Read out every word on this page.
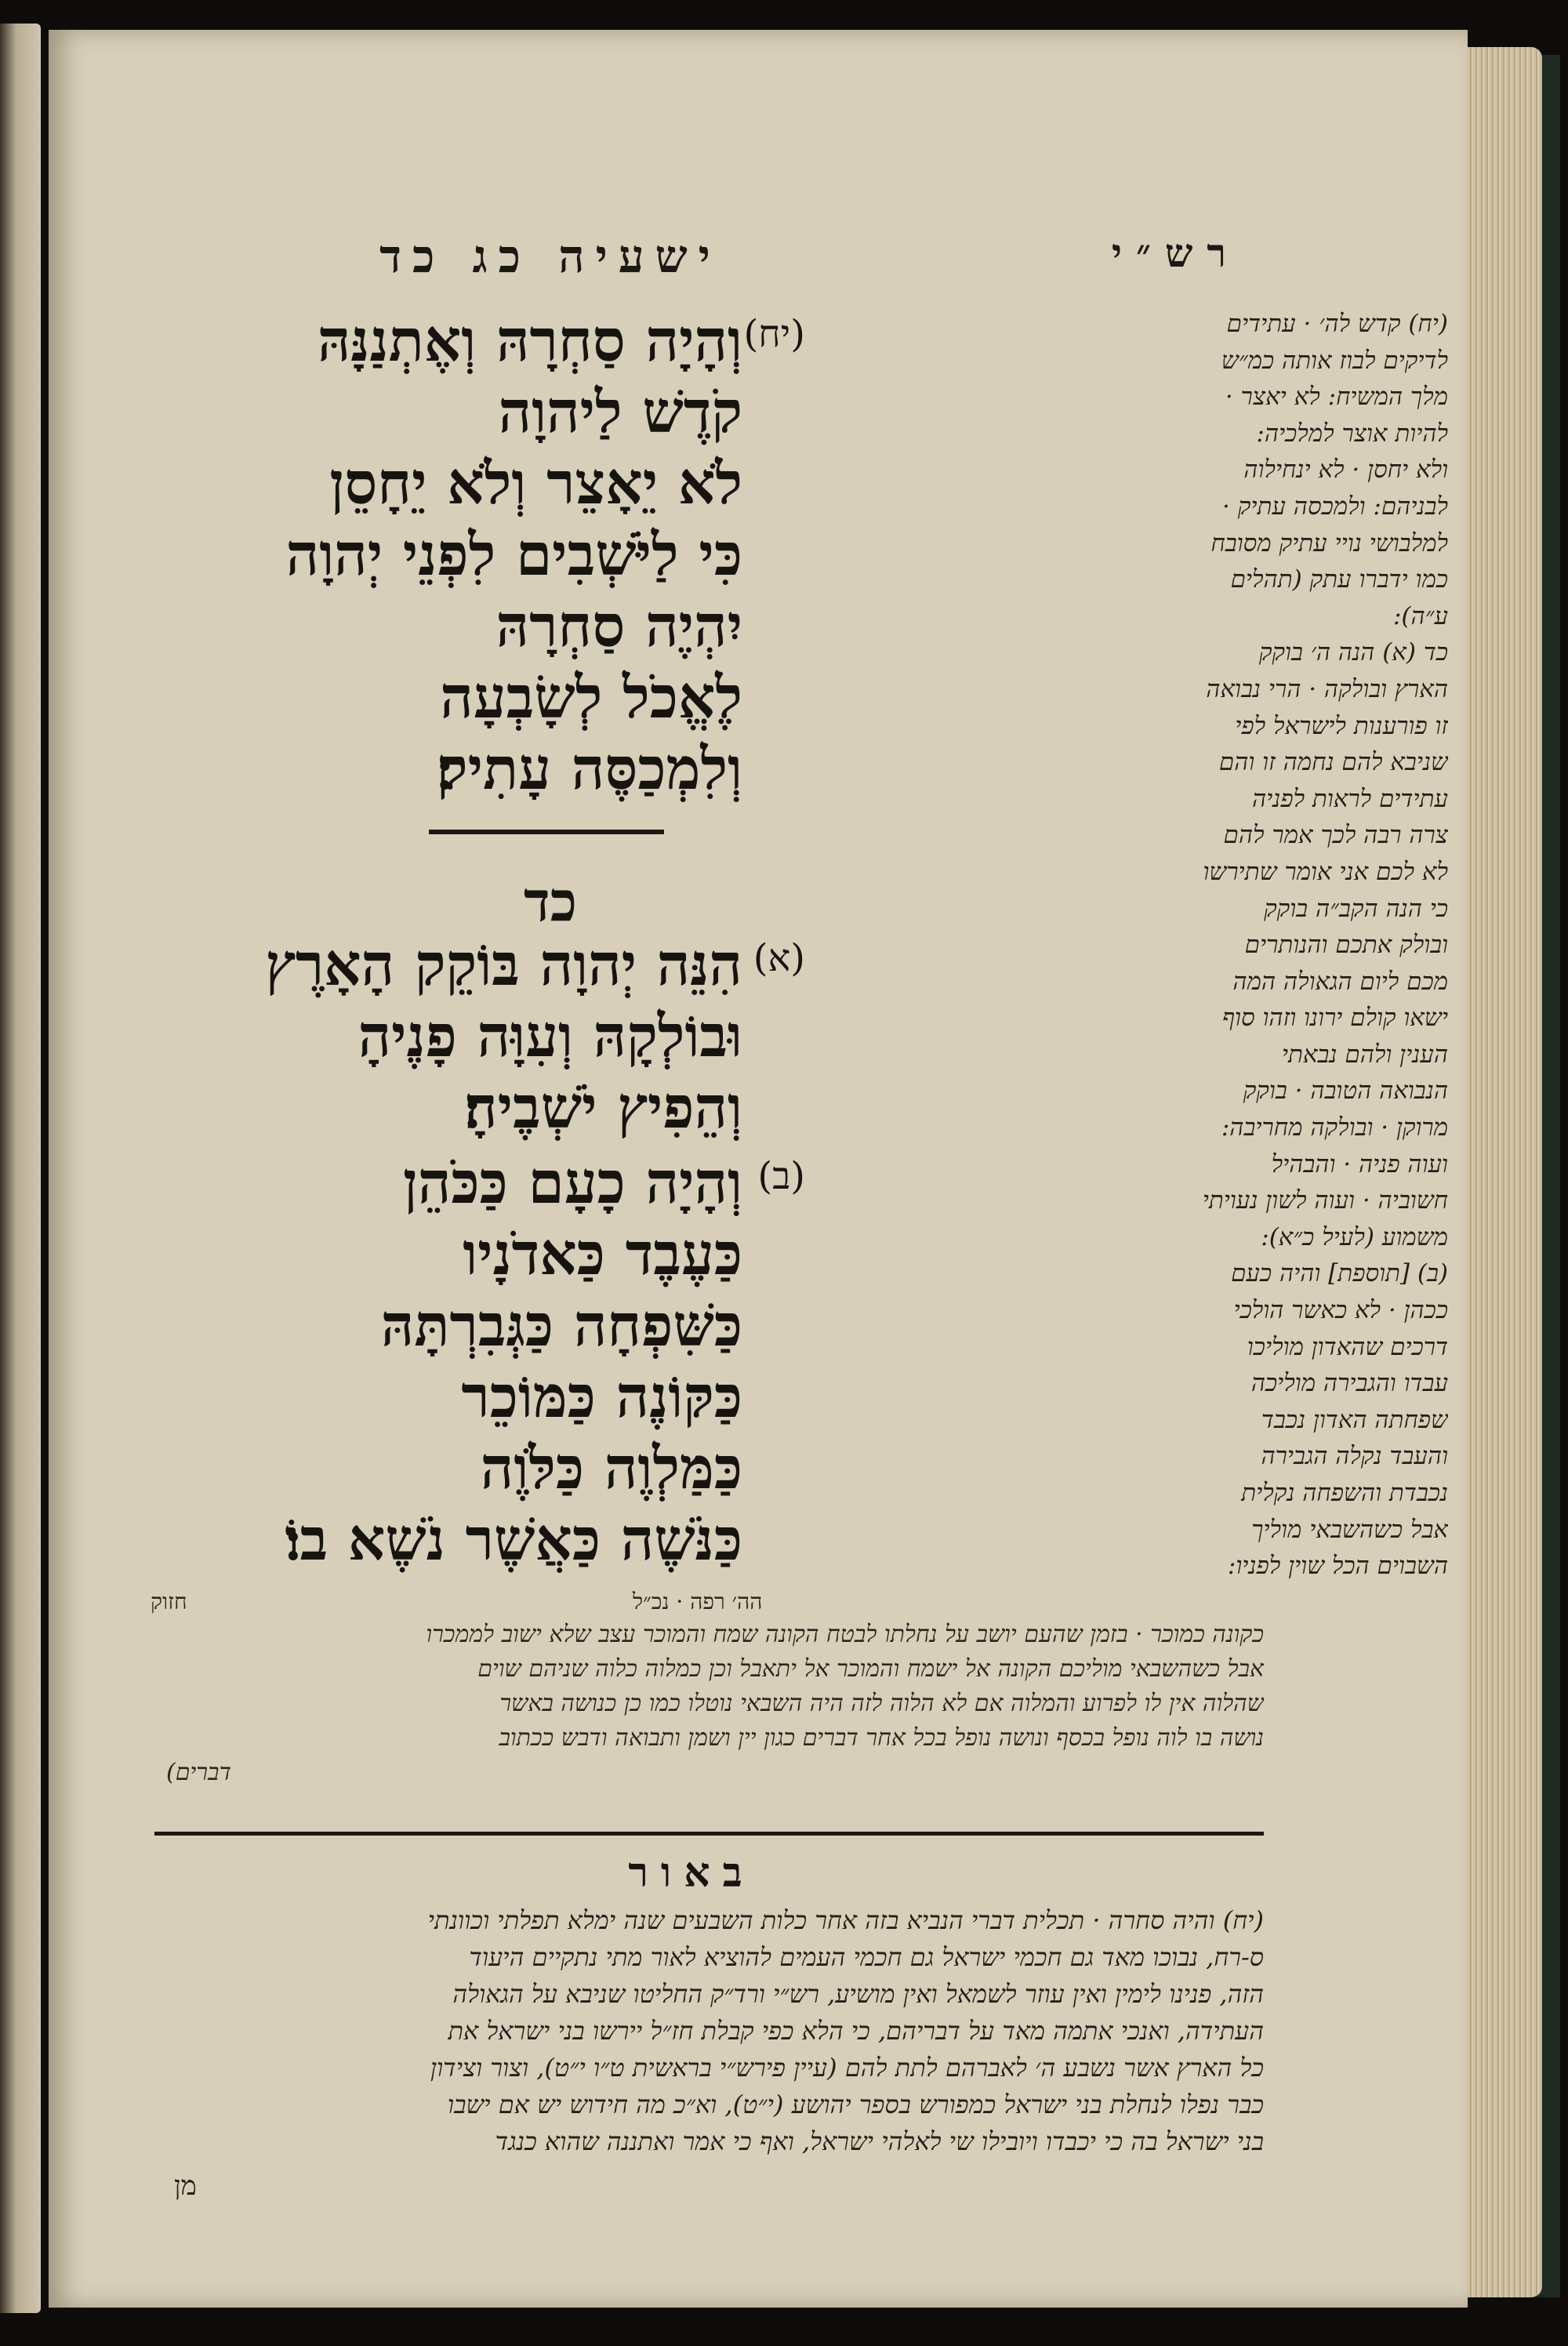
ישעיה כג כד	רש״י
(יח)
וְהָיָה סַחְרָהּ וְאֶתְנַנָּהּ
קֹדֶשׁ לַיהוָה
לֹא יֵאָצֵר וְלֹא יֵחָסֵן
כִּי לַיֹּשְׁבִים לִפְנֵי יְהוָה
יִהְיֶה סַחְרָהּ
לֶאֱכֹל לְשָׂבְעָה
וְלִמְכַסֶּה עָתִיק׃
כד
(א)
הִנֵּה יְהוָה בּוֹקֵק הָאָרֶץ
וּבוֹלְקָהּ וְעִוָּה פָנֶיהָ
וְהֵפִיץ יֹשְׁבֶיהָ׃
(ב)
וְהָיָה כָעָם כַּכֹּהֵן
כַּעֶבֶד כַּאדֹנָיו
כַּשִּׁפְחָה כַּגְּבִרְתָּהּ
כַּקּוֹנֶה כַּמּוֹכֵר
כַּמַּלְוֶה כַּלֹּוֶה
כַּנֹּשֶׁה כַּאֲשֶׁר נֹשֶׁא בוֹ׃
(יח) קדש לה׳ · עתידים
לדיקים לבוז אותה כמ״ש
מלך המשיח: לא יאצר ·
להיות אוצר למלכיה:
ולא יחסן · לא ינחילוה
לבניהם: ולמכסה עתיק ·
למלבושי נויי עתיק מסובח
כמו ידברו עתק (תהלים
ע״ה):
כד (א) הנה ה׳ בוקק
הארץ ובולקה · הרי נבואה
זו פורענות לישראל לפי
שניבא להם נחמה זו והם
עתידים לראות לפניה
צרה רבה לכך אמר להם
לא לכם אני אומר שתירשו
כי הנה הקב״ה בוקק
ובולק אתכם והנותרים
מכם ליום הגאולה המה
ישאו קולם ירונו וזהו סוף
הענין ולהם נבאתי
הנבואה הטובה · בוקק
מרוקן · ובולקה מחריבה:
ועוה פניה · והבהיל
חשוביה · ועוה לשון נעויתי
משמוע (לעיל כ״א):
(ב) [תוספת] והיה כעם
ככהן · לא כאשר הולכי
דרכים שהאדון מוליכו
עבדו והגבירה מוליכה
שפחתה האדון נכבד
והעבד נקלה הגבירה
נכבדת והשפחה נקלית
אבל כשהשבאי מוליך
השבוים הכל שוין לפניו:
הה׳ רפה · נכ״ל
חזוק
כקונה כמוכר · בזמן שהעם יושב על נחלתו לבטח הקונה שמח והמוכר עצב שלא ישוב לממכרו
אבל כשהשבאי מוליכם הקונה אל ישמח והמוכר אל יתאבל וכן כמלוה כלוה שניהם שוים
שהלוה אין לו לפרוע והמלוה אם לא הלוה לזה היה השבאי נוטלו כמו כן כנושה באשר
נושה בו לוה נופל בכסף ונושה נופל בכל אחר דברים כגון יין ושמן ותבואה ודבש ככתוב
דברים)
באור
(יח) והיה סחרה · תכלית דברי הנביא בזה אחר כלות השבעים שנה ימלא תפלתי וכוונתי
ס-רח, נבוכו מאד גם חכמי ישראל גם חכמי העמים להוציא לאור מתי נתקיים היעוד
הזה, פנינו לימין ואין עוזר לשמאל ואין מושיע, רש״י ורד״ק החליטו שניבא על הגאולה
העתידה, ואנכי אתמה מאד על דבריהם, כי הלא כפי קבלת חז״ל יירשו בני ישראל את
כל הארץ אשר נשבע ה׳ לאברהם לתת להם (עיין פירש״י בראשית ט״ו י״ט), וצור וצידון
כבר נפלו לנחלת בני ישראל כמפורש בספר יהושע (י״ט), וא״כ מה חידוש יש אם ישבו
בני ישראל בה כי יכבדו ויובילו שי לאלהי ישראל, ואף כי אמר ואתננה שהוא כנגד
מן
